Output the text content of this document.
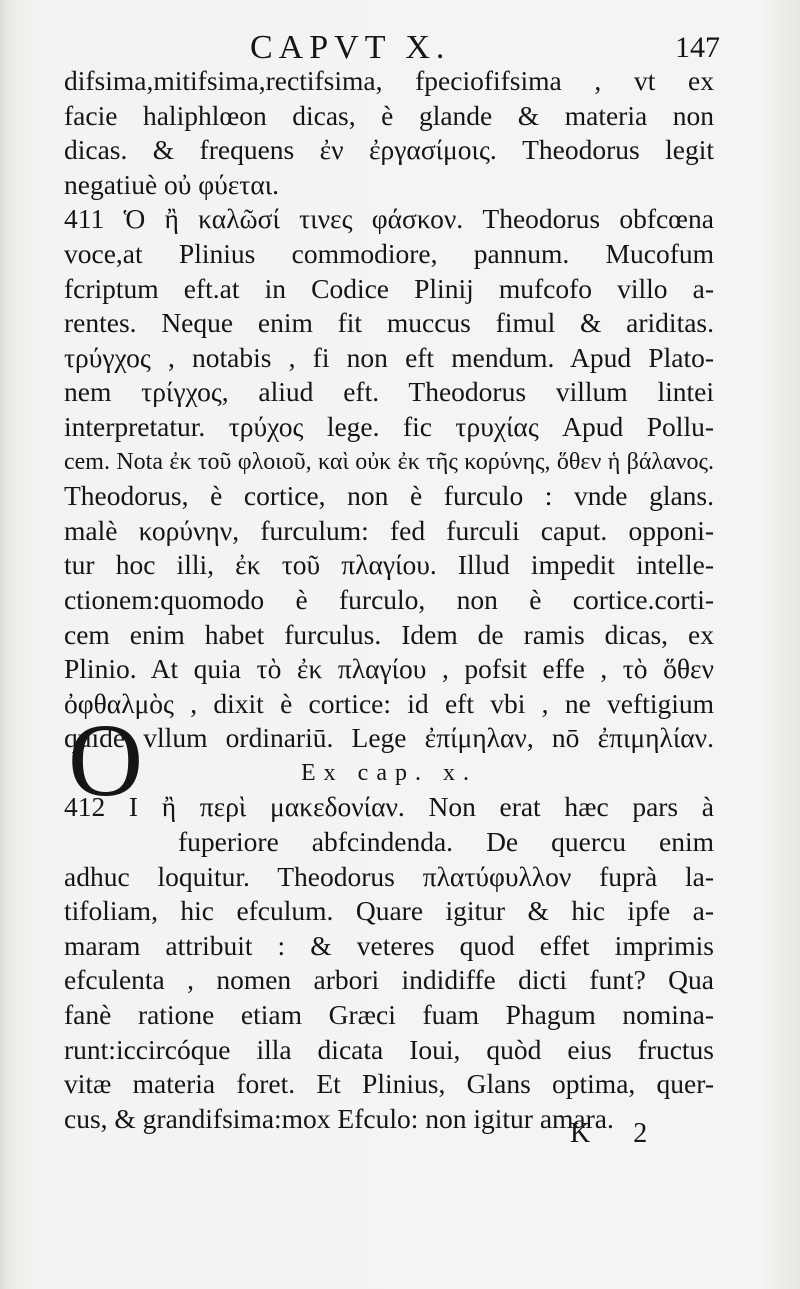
CAPVT X.	147
difsima,mitifsima,rectifsima, fpeciofifsima , vt ex
facie haliphlœon dicas, è glande & materia non
dicas. & frequens ἐν ἐργασίμοις. Theodorus legit
negatiuè οὐ φύεται.
411 Ὁ ἢ καλῶσί τινες φάσκον. Theodorus obfcœna
voce,at Plinius commodiore, pannum. Mucofum
fcriptum eft.at in Codice Plinij mufcofo villo a-
rentes. Neque enim fit muccus fimul & ariditas.
τρύγχος , notabis , fi non eft mendum. Apud Plato-
nem τρίγχος, aliud eft. Theodorus villum lintei
interpretatur. τρύχος lege. fic τρυχίας Apud Pollu-
cem. Nota ἐκ τοῦ φλοιοῦ, καὶ οὐκ ἐκ τῆς κορύνης, ὅθεν ἡ βάλανος.
Theodorus, è cortice, non è furculo : vnde glans.
malè κορύνην, furculum: fed furculi caput. opponi-
tur hoc illi, ἐκ τοῦ πλαγίου. Illud impedit intelle-
ctionem:quomodo è furculo, non è cortice.corti-
cem enim habet furculus. Idem de ramis dicas, ex
Plinio. At quia τὸ ἐκ πλαγίου , pofsit effe , τὸ ὅθεν
ὀφθαλμὸς , dixit è cortice: id eft vbi , ne veftigium
quidē vllum ordinariū. Lege ἐπίμηλαν, nō ἐπιμηλίαν.
Ex cap. x.
412 Ι ἢ περὶ μακεδονίαν. Non erat hæc pars à
fuperiore abfcindenda. De quercu enim
adhuc loquitur. Theodorus πλατύφυλλον fuprà la-
tifoliam, hic efculum. Quare igitur & hic ipfe a-
maram attribuit : & veteres quod effet imprimis
efculenta , nomen arbori indidiffe dicti funt? Qua
fanè ratione etiam Græci fuam Phagum nomina-
runt:iccircóque illa dicata Ioui, quòd eius fructus
vitæ materia foret. Et Plinius, Glans optima, quer-
cus, & grandifsima:mox Efculo: non igitur amara.
O
K 2
